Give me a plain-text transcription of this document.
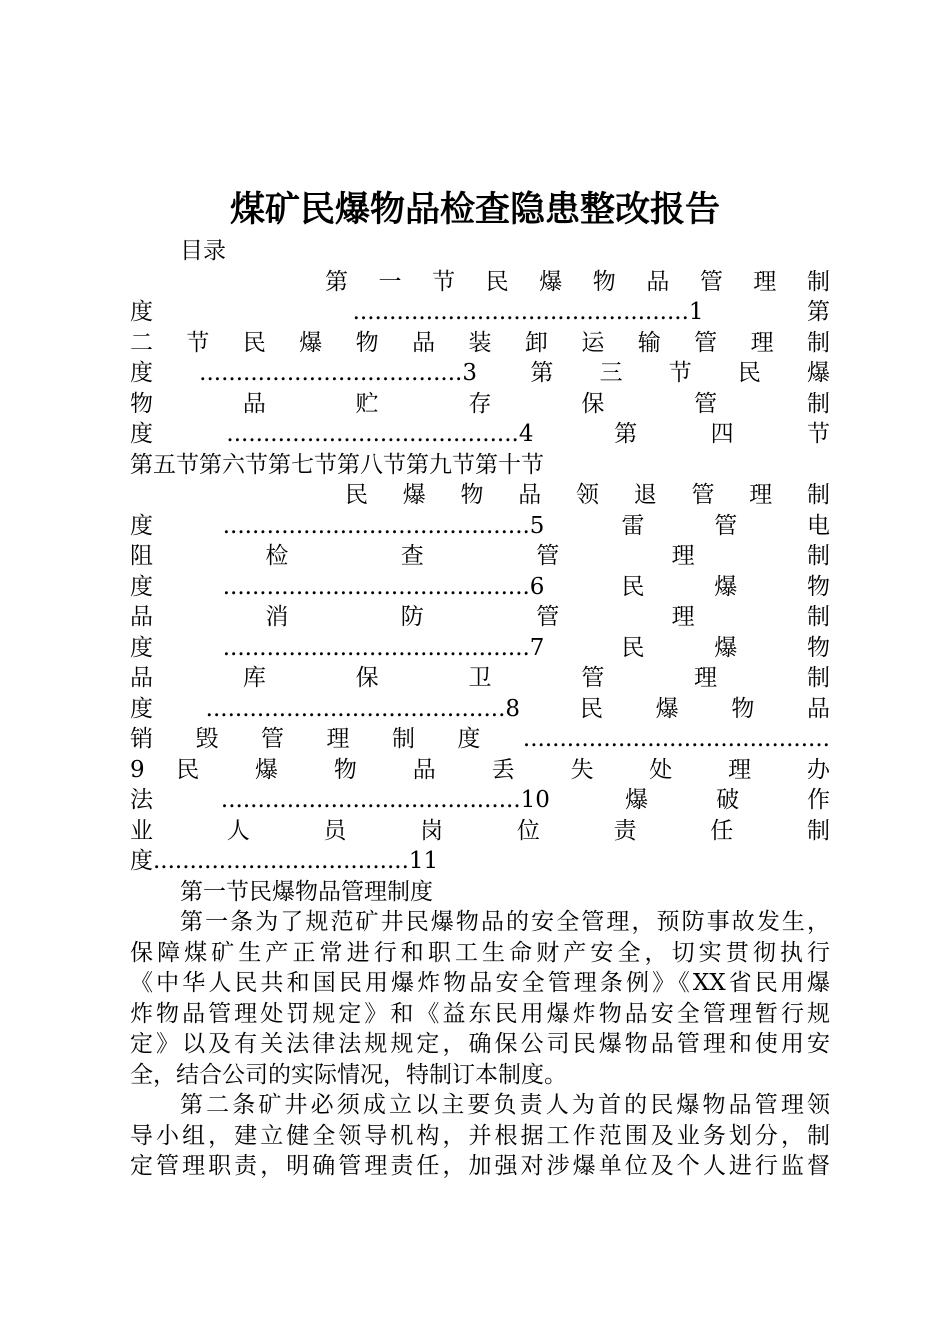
煤矿民爆物品检查隐患整改报告
目录
第 一 节 民 爆 物 品 管 理 制
度 ..............................................1 第
二 节 民 爆 物 品 装 卸 运 输 管 理 制
度....................................3 第三节民爆
物 品 贮 存 保 管 制
度........................................4 第四节
第五节第六节第七节第八节第九节第十节
民 爆 物 品 领 退 管 理 制
度..........................................5 雷管电
阻 检 查 管 理 制
度..........................................6 民爆物
品 消 防 管 理 制
度..........................................7 民爆物
品 库 保 卫 管 理 制
度.........................................8 民爆物品
销毁管理制度..........................................
9 民 爆 物 品 丢 失 处 理 办
法.........................................10 爆破作
业 人 员 岗 位 责 任 制
度...................................11
第一节民爆物品管理制度
第一条为了规范矿井民爆物品的安全管理，预防事故发生，
保障煤矿生产正常进行和职工生命财产安全，切实贯彻执行
《中华人民共和国民用爆炸物品安全管理条例》《XX省民用爆
炸物品管理处罚规定》和《益东民用爆炸物品安全管理暂行规
定》以及有关法律法规规定，确保公司民爆物品管理和使用安
全，结合公司的实际情况，特制订本制度。
第二条矿井必须成立以主要负责人为首的民爆物品管理领
导小组，建立健全领导机构，并根据工作范围及业务划分，制
定管理职责，明确管理责任，加强对涉爆单位及个人进行监督
